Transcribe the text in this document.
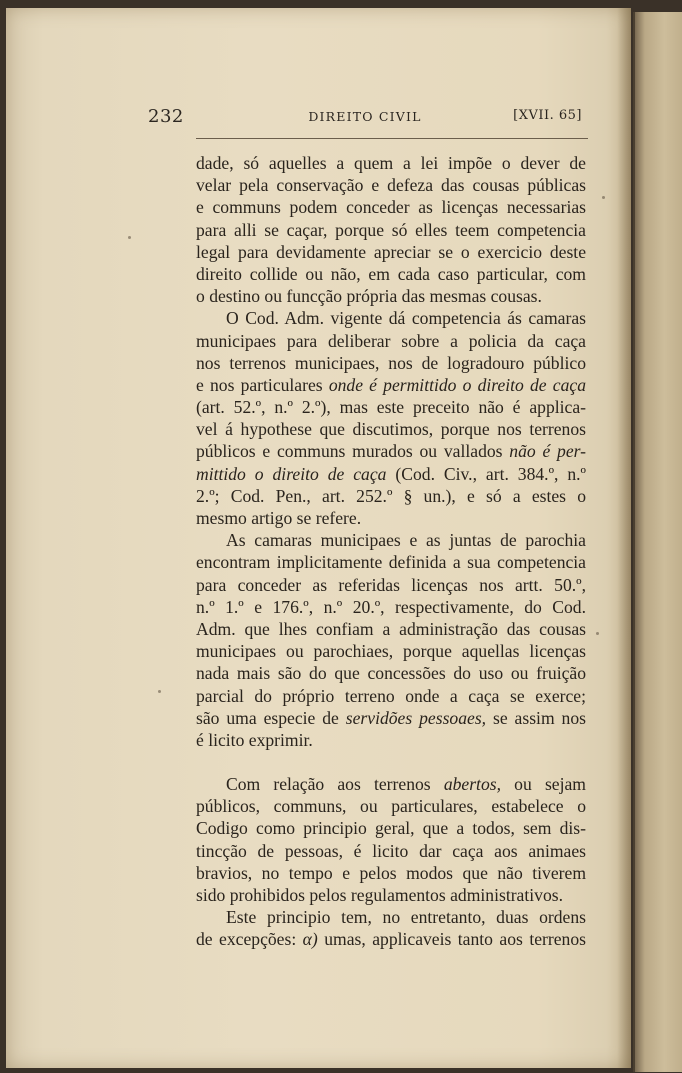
232	DIREITO CIVIL	[XVII. 65]
dade, só aquelles a quem a lei impõe o dever de
velar pela conservação e defeza das cousas públicas
e communs podem conceder as licenças necessarias
para alli se caçar, porque só elles teem competencia
legal para devidamente apreciar se o exercicio deste
direito collide ou não, em cada caso particular, com
o destino ou funcção própria das mesmas cousas.
O Cod. Adm. vigente dá competencia ás camaras
municipaes para deliberar sobre a policia da caça
nos terrenos municipaes, nos de logradouro público
e nos particulares onde é permittido o direito de caça
(art. 52.º, n.º 2.º), mas este preceito não é applica-
vel á hypothese que discutimos, porque nos terrenos
públicos e communs murados ou vallados não é per-
mittido o direito de caça (Cod. Civ., art. 384.º, n.º
2.º; Cod. Pen., art. 252.º § un.), e só a estes o
mesmo artigo se refere.
As camaras municipaes e as juntas de parochia
encontram implicitamente definida a sua competencia
para conceder as referidas licenças nos artt. 50.º,
n.º 1.º e 176.º, n.º 20.º, respectivamente, do Cod.
Adm. que lhes confiam a administração das cousas
municipaes ou parochiaes, porque aquellas licenças
nada mais são do que concessões do uso ou fruição
parcial do próprio terreno onde a caça se exerce;
são uma especie de servidões pessoaes, se assim nos
é licito exprimir.
Com relação aos terrenos abertos, ou sejam
públicos, communs, ou particulares, estabelece o
Codigo como principio geral, que a todos, sem dis-
tincção de pessoas, é licito dar caça aos animaes
bravios, no tempo e pelos modos que não tiverem
sido prohibidos pelos regulamentos administrativos.
Este principio tem, no entretanto, duas ordens
de excepções: α) umas, applicaveis tanto aos terrenos
